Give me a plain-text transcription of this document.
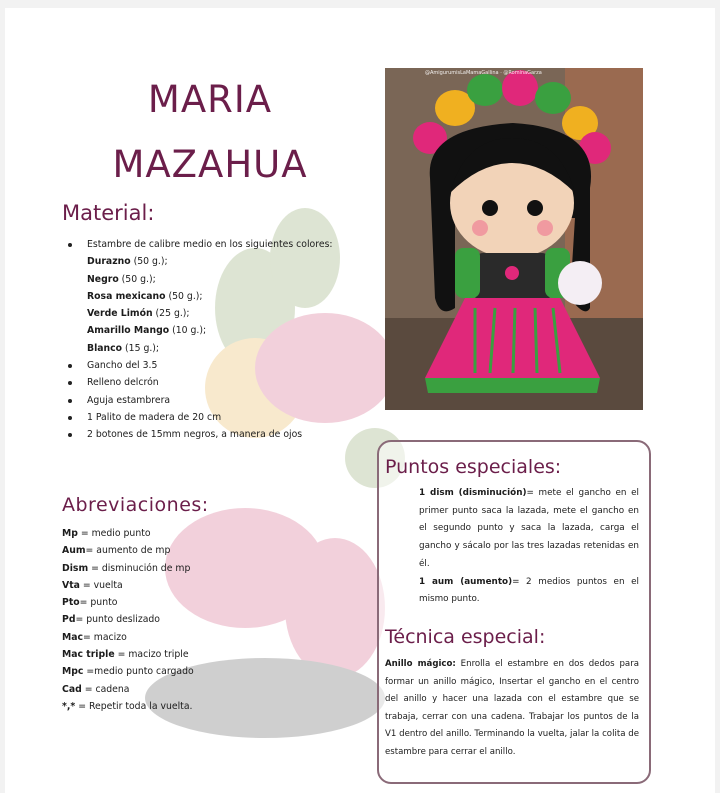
MARIA
MAZAHUA
Material:
Estambre de calibre medio en los siguientes colores:
Durazno (50 g.);
Negro (50 g.);
Rosa mexicano (50 g.);
Verde Limón (25 g.);
Amarillo Mango (10 g.);
Blanco (15 g.);
Gancho del 3.5
Relleno delcrón
Aguja estambrera
1 Palito de madera de 20 cm
2 botones de 15mm negros, a manera de ojos
@AmigurumisLaMamaGallina · @RominaGarza
Abreviaciones:
Mp = medio punto
Aum= aumento de mp
Dism = disminución de mp
Vta = vuelta
Pto= punto
Pd= punto deslizado
Mac= macizo
Mac triple = macizo triple
Mpc =medio punto cargado
Cad = cadena
*,* = Repetir toda la vuelta.
Puntos especiales:

1 dism (disminución)= mete el gancho en el primer punto saca la lazada, mete el gancho en el segundo punto y saca la lazada, carga el gancho y sácalo por las tres lazadas retenidas en él.

1 aum (aumento)= 2 medios puntos en el mismo punto.

Técnica especial:

Anillo mágico: Enrolla el estambre en dos dedos para formar un anillo mágico, Insertar el gancho en el centro del anillo y hacer una lazada con el estambre que se trabaja, cerrar con una cadena. Trabajar los puntos de la V1 dentro del anillo. Terminando la vuelta, jalar la colita de estambre para cerrar el anillo.
